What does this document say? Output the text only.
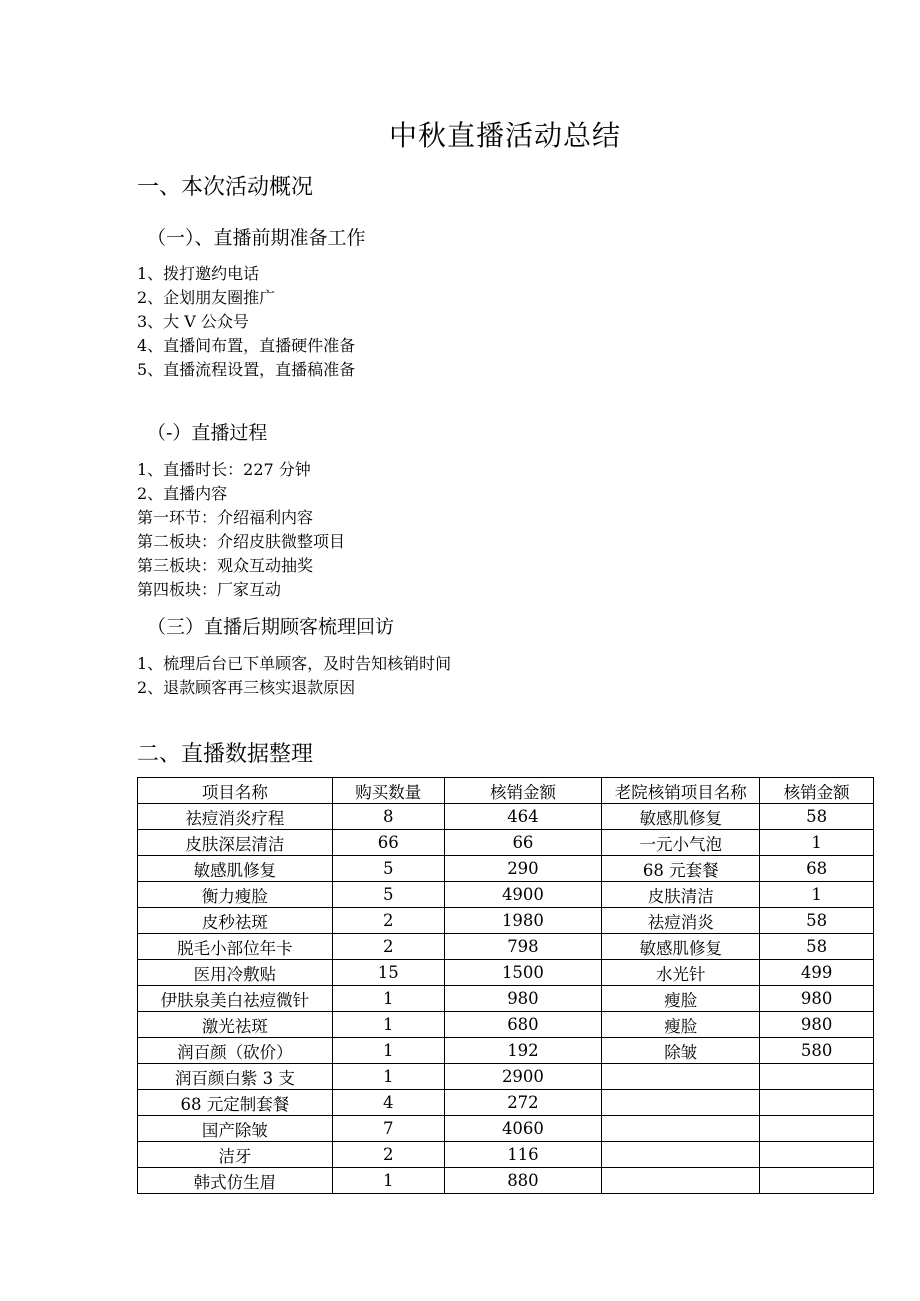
中秋直播活动总结
一、本次活动概况
（一）、直播前期准备工作
1、拨打邀约电话
2、企划朋友圈推广
3、大 V 公众号
4、直播间布置，直播硬件准备
5、直播流程设置，直播稿准备
（-）直播过程
1、直播时长：227 分钟
2、直播内容
第一环节：介绍福利内容
第二板块：介绍皮肤微整项目
第三板块：观众互动抽奖
第四板块：厂家互动
（三）直播后期顾客梳理回访
1、梳理后台已下单顾客，及时告知核销时间
2、退款顾客再三核实退款原因
二、直播数据整理
项目名称	购买数量	核销金额	老院核销项目名称	核销金额
祛痘消炎疗程	8	464	敏感肌修复	58
皮肤深层清洁	66	66	一元小气泡	1
敏感肌修复	5	290	68 元套餐	68
衡力瘦脸	5	4900	皮肤清洁	1
皮秒祛斑	2	1980	祛痘消炎	58
脱毛小部位年卡	2	798	敏感肌修复	58
医用冷敷贴	15	1500	水光针	499
伊肤泉美白祛痘微针	1	980	瘦脸	980
激光祛斑	1	680	瘦脸	980
润百颜（砍价）	1	192	除皱	580
润百颜白紫 3 支	1	2900		
68 元定制套餐	4	272		
国产除皱	7	4060		
洁牙	2	116		
韩式仿生眉	1	880		
